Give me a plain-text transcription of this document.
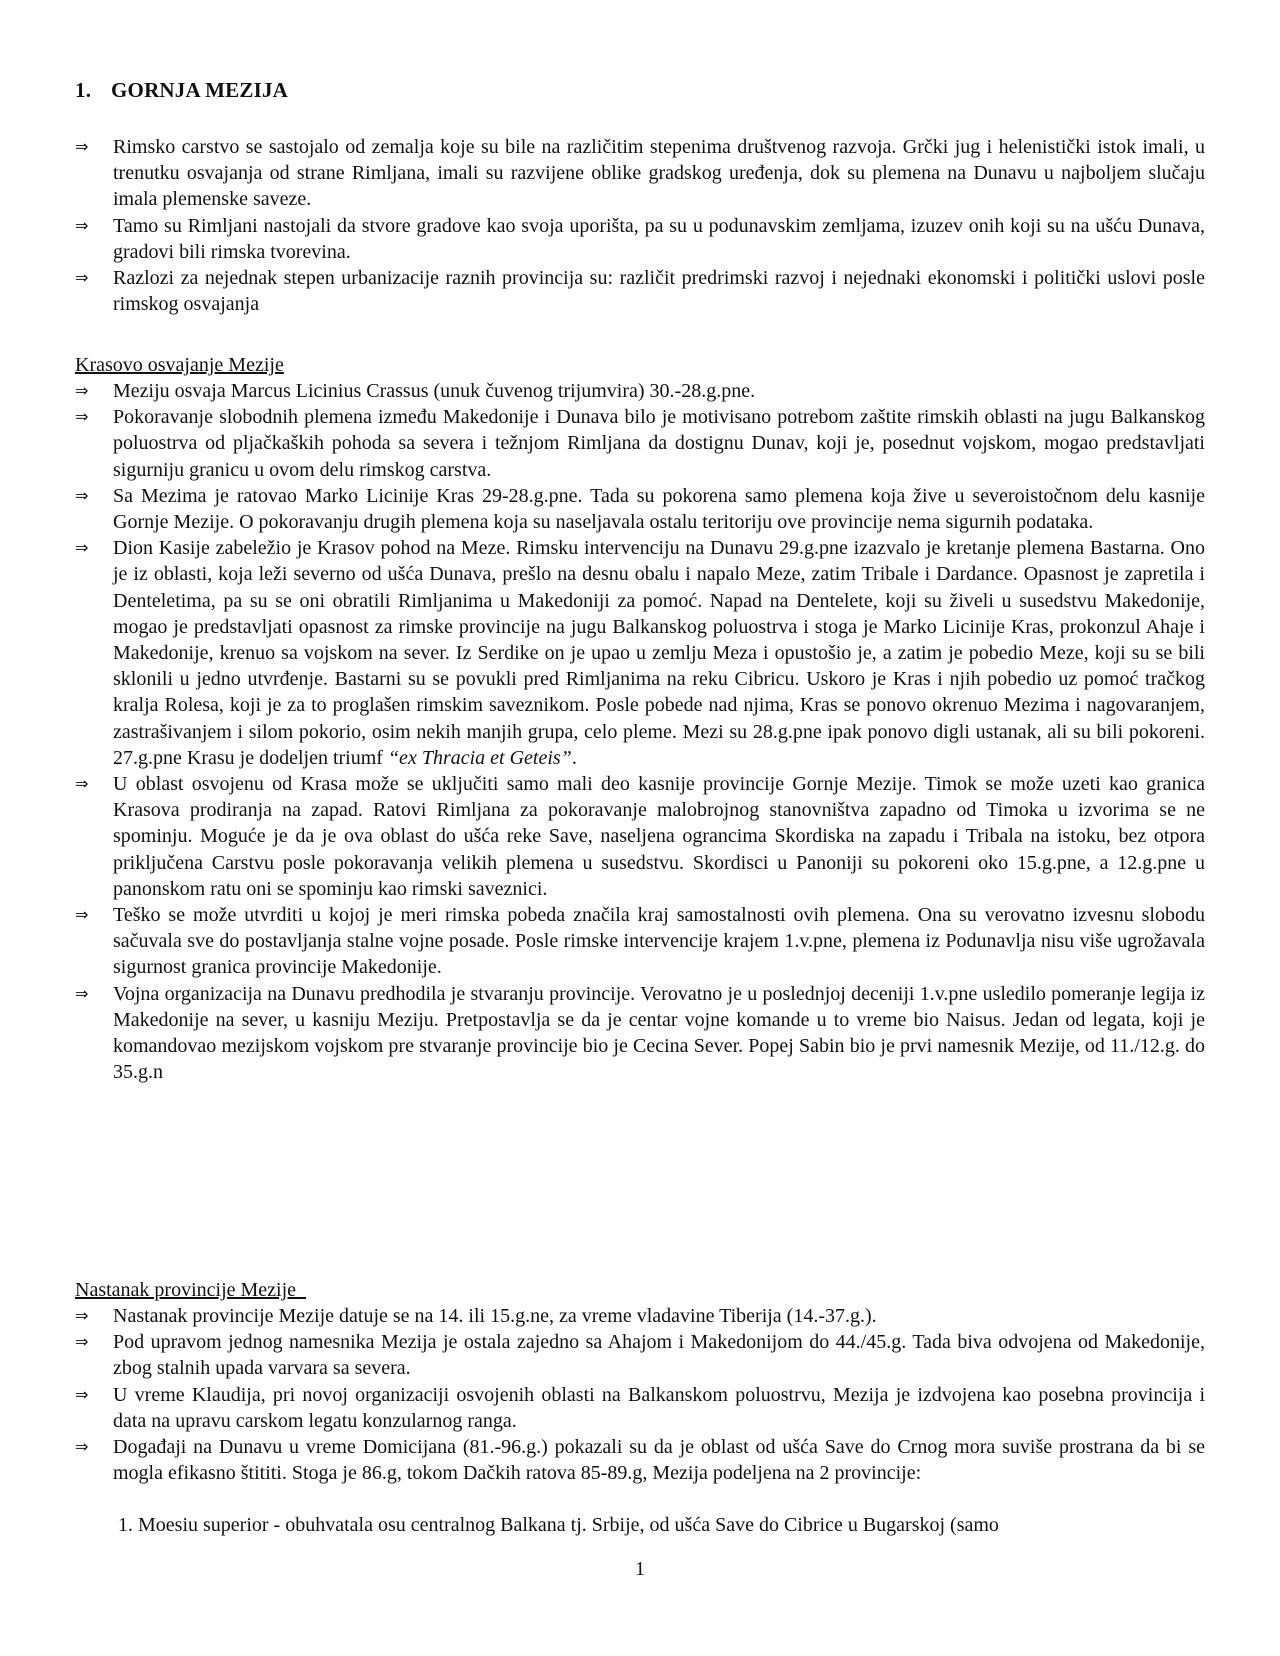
1. GORNJA MEZIJA
⇒ Rimsko carstvo se sastojalo od zemalja koje su bile na različitim stepenima društvenog razvoja. Grčki jug i helenistički istok imali, u trenutku osvajanja od strane Rimljana, imali su razvijene oblike gradskog uređenja, dok su plemena na Dunavu u najboljem slučaju imala plemenske saveze.
⇒ Tamo su Rimljani nastojali da stvore gradove kao svoja uporišta, pa su u podunavskim zemljama, izuzev onih koji su na ušću Dunava, gradovi bili rimska tvorevina.
⇒ Razlozi za nejednak stepen urbanizacije raznih provincija su: različit predrimski razvoj i nejednaki ekonomski i politički uslovi posle rimskog osvajanja
Krasovo osvajanje Mezije
⇒ Meziju osvaja Marcus Licinius Crassus (unuk čuvenog trijumvira) 30.-28.g.pne.
⇒ Pokoravanje slobodnih plemena između Makedonije i Dunava bilo je motivisano potrebom zaštite rimskih oblasti na jugu Balkanskog poluostrva od pljačkaških pohoda sa severa i težnjom Rimljana da dostignu Dunav, koji je, posednut vojskom, mogao predstavljati sigurniju granicu u ovom delu rimskog carstva.
⇒ Sa Mezima je ratovao Marko Licinije Kras 29-28.g.pne. Tada su pokorena samo plemena koja žive u severoistočnom delu kasnije Gornje Mezije. O pokoravanju drugih plemena koja su naseljavala ostalu teritoriju ove provincije nema sigurnih podataka.
⇒ Dion Kasije zabeležio je Krasov pohod na Meze. Rimsku intervenciju na Dunavu 29.g.pne izazvalo je kretanje plemena Bastarna. Ono je iz oblasti, koja leži severno od ušća Dunava, prešlo na desnu obalu i napalo Meze, zatim Tribale i Dardance. Opasnost je zapretila i Denteletima, pa su se oni obratili Rimljanima u Makedoniji za pomoć. Napad na Dentelete, koji su živeli u susedstvu Makedonije, mogao je predstavljati opasnost za rimske provincije na jugu Balkanskog poluostrva i stoga je Marko Licinije Kras, prokonzul Ahaje i Makedonije, krenuo sa vojskom na sever. Iz Serdike on je upao u zemlju Meza i opustošio je, a zatim je pobedio Meze, koji su se bili sklonili u jedno utvrđenje. Bastarni su se povukli pred Rimljanima na reku Cibricu. Uskoro je Kras i njih pobedio uz pomoć tračkog kralja Rolesa, koji je za to proglašen rimskim saveznikom. Posle pobede nad njima, Kras se ponovo okrenuo Mezima i nagovaranjem, zastrašivanjem i silom pokorio, osim nekih manjih grupa, celo pleme. Mezi su 28.g.pne ipak ponovo digli ustanak, ali su bili pokoreni. 27.g.pne Krasu je dodeljen triumf “ex Thracia et Geteis”.
⇒ U oblast osvojenu od Krasa može se uključiti samo mali deo kasnije provincije Gornje Mezije. Timok se može uzeti kao granica Krasova prodiranja na zapad. Ratovi Rimljana za pokoravanje malobrojnog stanovništva zapadno od Timoka u izvorima se ne spominju. Moguće je da je ova oblast do ušća reke Save, naseljena ograncima Skordiska na zapadu i Tribala na istoku, bez otpora priključena Carstvu posle pokoravanja velikih plemena u susedstvu. Skordisci u Panoniji su pokoreni oko 15.g.pne, a 12.g.pne u panonskom ratu oni se spominju kao rimski saveznici.
⇒ Teško se može utvrditi u kojoj je meri rimska pobeda značila kraj samostalnosti ovih plemena. Ona su verovatno izvesnu slobodu sačuvala sve do postavljanja stalne vojne posade. Posle rimske intervencije krajem 1.v.pne, plemena iz Podunavlja nisu više ugrožavala sigurnost granica provincije Makedonije.
⇒ Vojna organizacija na Dunavu predhodila je stvaranju provincije. Verovatno je u poslednjoj deceniji 1.v.pne usledilo pomeranje legija iz Makedonije na sever, u kasniju Meziju. Pretpostavlja se da je centar vojne komande u to vreme bio Naisus. Jedan od legata, koji je komandovao mezijskom vojskom pre stvaranje provincije bio je Cecina Sever. Popej Sabin bio je prvi namesnik Mezije, od 11./12.g. do 35.g.n
Nastanak provincije Mezije
⇒ Nastanak provincije Mezije datuje se na 14. ili 15.g.ne, za vreme vladavine Tiberija (14.-37.g.).
⇒ Pod upravom jednog namesnika Mezija je ostala zajedno sa Ahajom i Makedonijom do 44./45.g. Tada biva odvojena od Makedonije, zbog stalnih upada varvara sa severa.
⇒ U vreme Klaudija, pri novoj organizaciji osvojenih oblasti na Balkanskom poluostrvu, Mezija je izdvojena kao posebna provincija i data na upravu carskom legatu konzularnog ranga.
⇒ Događaji na Dunavu u vreme Domicijana (81.-96.g.) pokazali su da je oblast od ušća Save do Crnog mora suviše prostrana da bi se mogla efikasno štititi. Stoga je 86.g, tokom Dačkih ratova 85-89.g, Mezija podeljena na 2 provincije:
1. Moesiu superior - obuhvatala osu centralnog Balkana tj. Srbije, od ušća Save do Cibrice u Bugarskoj (samo
1
